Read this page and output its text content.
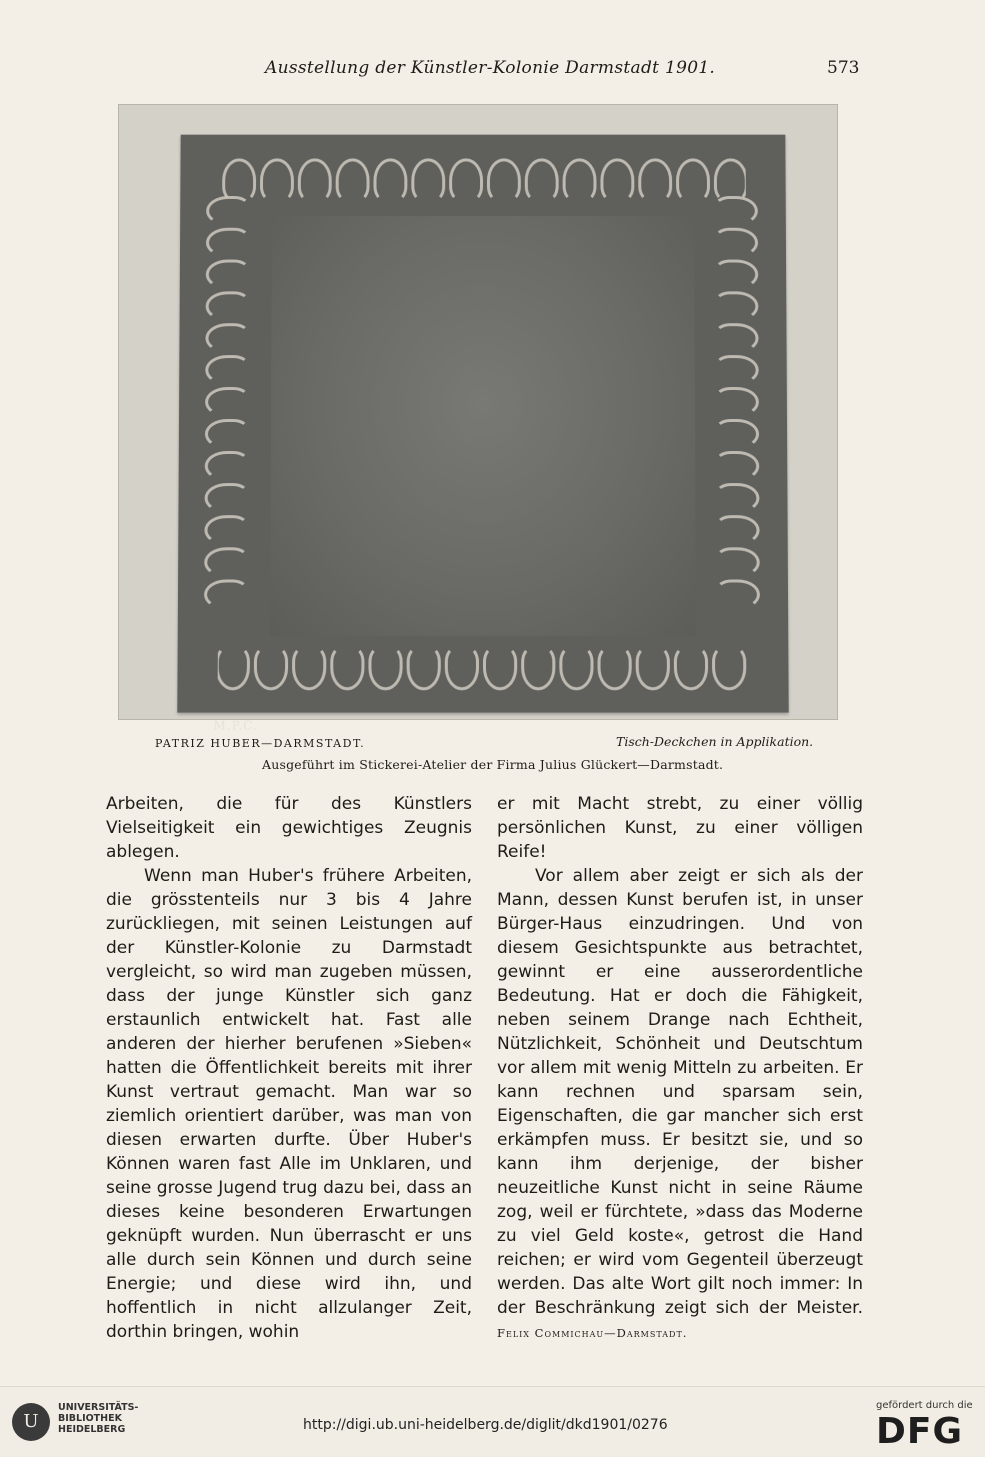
Ausstellung der Künstler-Kolonie Darmstadt 1901.	573
M.P.C.
PATRIZ HUBER—DARMSTADT.	Tisch-Deckchen in Applikation.
Ausgeführt im Stickerei-Atelier der Firma Julius Glückert—Darmstadt.

Arbeiten, die für des Künstlers Vielseitigkeit ein gewichtiges Zeugnis ablegen.

Wenn man Huber's frühere Arbeiten, die grösstenteils nur 3 bis 4 Jahre zurückliegen, mit seinen Leistungen auf der Künstler-Kolonie zu Darmstadt vergleicht, so wird man zugeben müssen, dass der junge Künstler sich ganz erstaunlich entwickelt hat. Fast alle anderen der hierher berufenen »Sieben« hatten die Öffentlichkeit bereits mit ihrer Kunst vertraut gemacht. Man war so ziemlich orientiert darüber, was man von diesen erwarten durfte. Über Huber's Können waren fast Alle im Unklaren, und seine grosse Jugend trug dazu bei, dass an dieses keine besonderen Erwartungen geknüpft wurden. Nun überrascht er uns alle durch sein Können und durch seine Energie; und diese wird ihn, und hoffentlich in nicht allzulanger Zeit, dorthin bringen, wohin

er mit Macht strebt, zu einer völlig persönlichen Kunst, zu einer völligen Reife!

Vor allem aber zeigt er sich als der Mann, dessen Kunst berufen ist, in unser Bürger-Haus einzudringen. Und von diesem Gesichtspunkte aus betrachtet, gewinnt er eine ausserordentliche Bedeutung. Hat er doch die Fähigkeit, neben seinem Drange nach Echtheit, Nützlichkeit, Schönheit und Deutschtum vor allem mit wenig Mitteln zu arbeiten. Er kann rechnen und sparsam sein, Eigenschaften, die gar mancher sich erst erkämpfen muss. Er besitzt sie, und so kann ihm derjenige, der bisher neuzeitliche Kunst nicht in seine Räume zog, weil er fürchtete, »dass das Moderne zu viel Geld koste«, getrost die Hand reichen; er wird vom Gegenteil überzeugt werden. Das alte Wort gilt noch immer: In der Beschränkung zeigt sich der Meister. Felix Commichau—Darmstadt.

U
UNIVERSITÄTS-
BIBLIOTHEK
HEIDELBERG	http://digi.ub.uni-heidelberg.de/diglit/dkd1901/0276
gefördert durch die
DFG
